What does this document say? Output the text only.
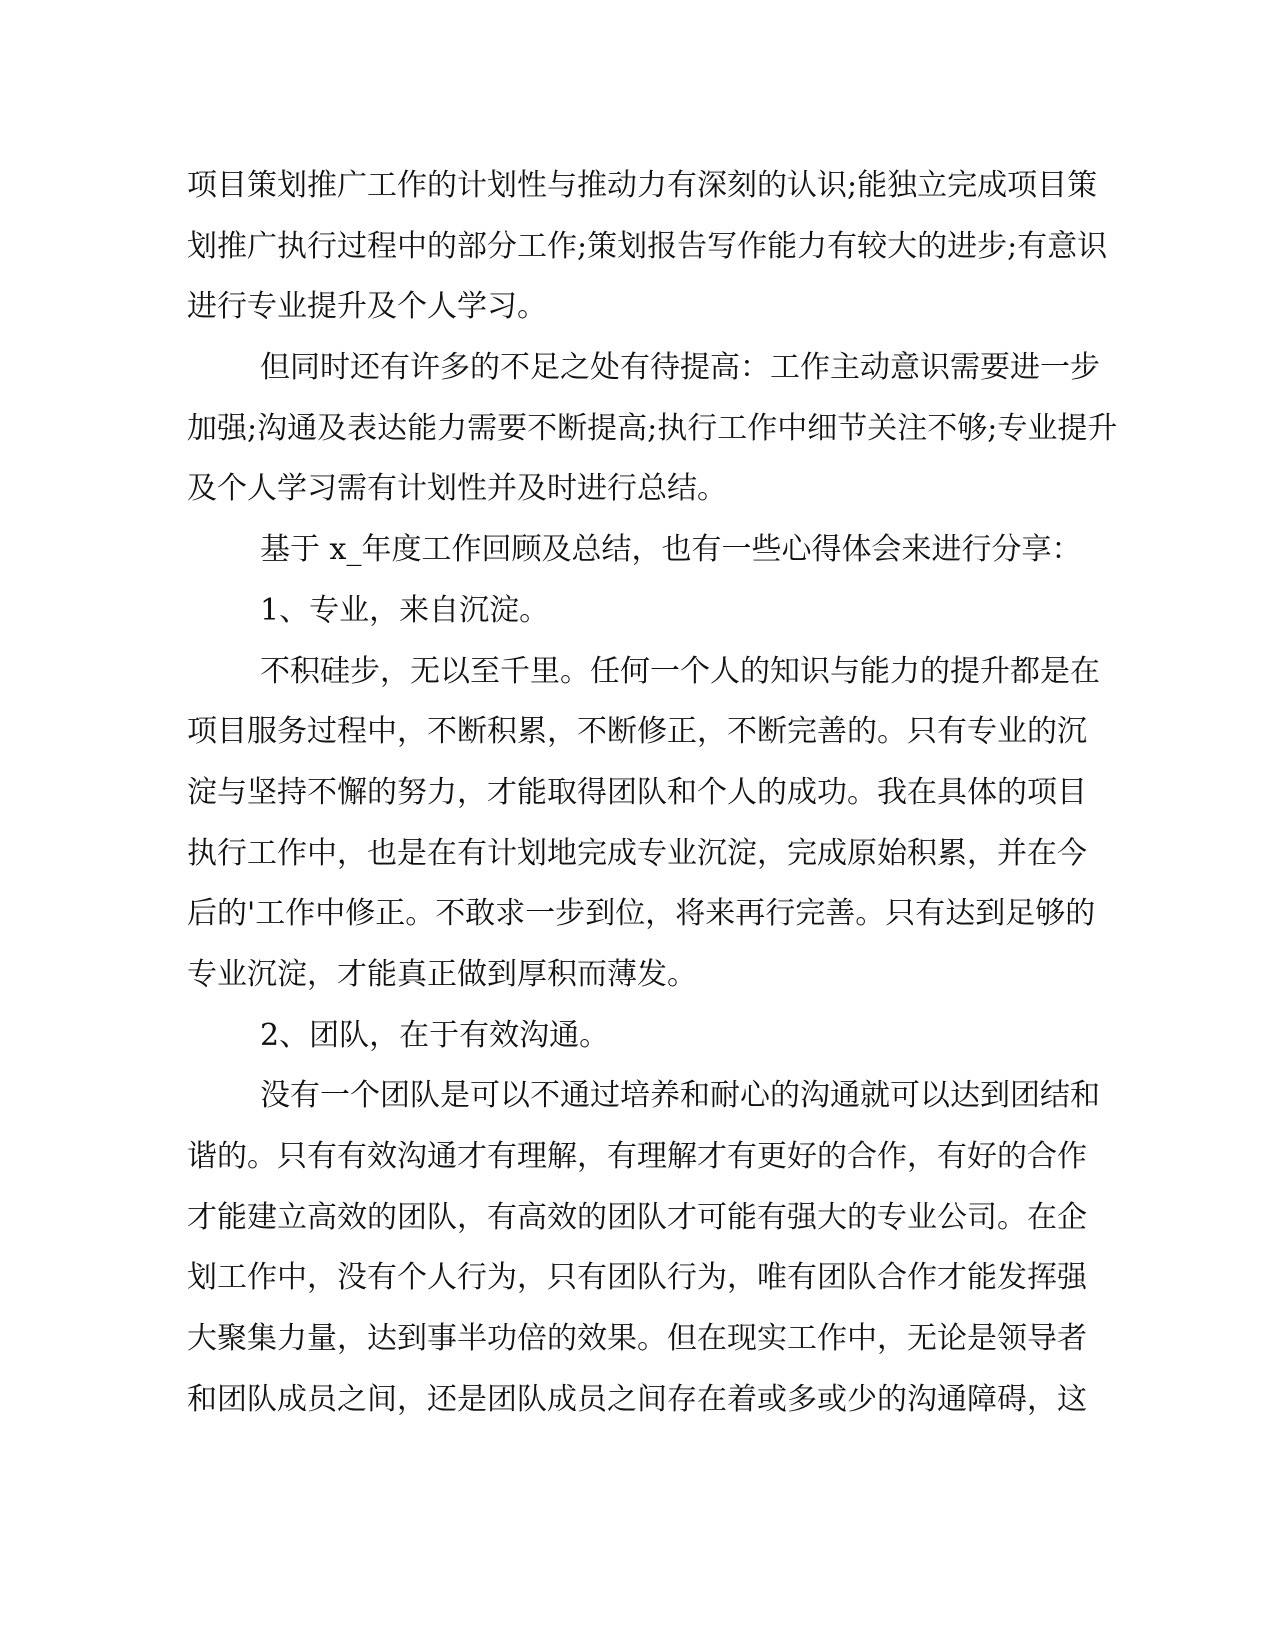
项目策划推广工作的计划性与推动力有深刻的认识;能独立完成项目策
划推广执行过程中的部分工作;策划报告写作能力有较大的进步;有意识
进行专业提升及个人学习。
但同时还有许多的不足之处有待提高：工作主动意识需要进一步
加强;沟通及表达能力需要不断提高;执行工作中细节关注不够;专业提升
及个人学习需有计划性并及时进行总结。
基于 x_年度工作回顾及总结，也有一些心得体会来进行分享：
1、专业，来自沉淀。
不积硅步，无以至千里。任何一个人的知识与能力的提升都是在
项目服务过程中，不断积累，不断修正，不断完善的。只有专业的沉
淀与坚持不懈的努力，才能取得团队和个人的成功。我在具体的项目
执行工作中，也是在有计划地完成专业沉淀，完成原始积累，并在今
后的'工作中修正。不敢求一步到位，将来再行完善。只有达到足够的
专业沉淀，才能真正做到厚积而薄发。
2、团队，在于有效沟通。
没有一个团队是可以不通过培养和耐心的沟通就可以达到团结和
谐的。只有有效沟通才有理解，有理解才有更好的合作，有好的合作
才能建立高效的团队，有高效的团队才可能有强大的专业公司。在企
划工作中，没有个人行为，只有团队行为，唯有团队合作才能发挥强
大聚集力量，达到事半功倍的效果。但在现实工作中，无论是领导者
和团队成员之间，还是团队成员之间存在着或多或少的沟通障碍，这
